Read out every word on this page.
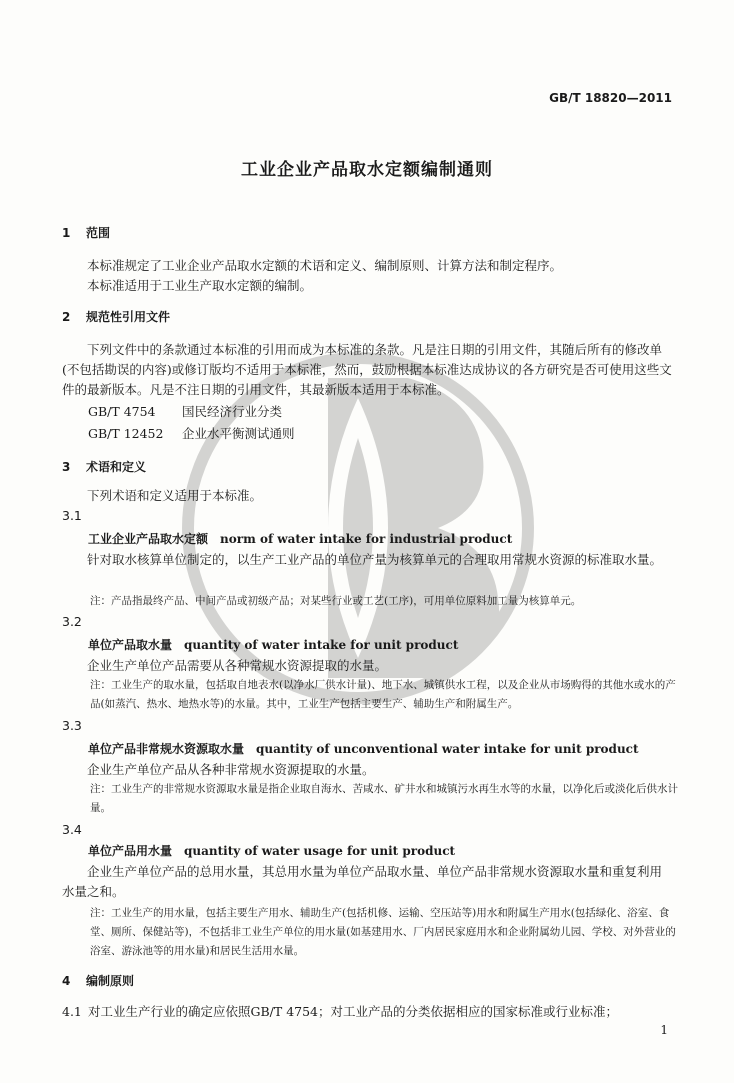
GB/T 18820—2011
工业企业产品取水定额编制通则
1 范围
本标准规定了工业企业产品取水定额的术语和定义、编制原则、计算方法和制定程序。
本标准适用于工业生产取水定额的编制。
2 规范性引用文件
下列文件中的条款通过本标准的引用而成为本标准的条款。凡是注日期的引用文件，其随后所有的修改单(不包括勘误的内容)或修订版均不适用于本标准，然而，鼓励根据本标准达成协议的各方研究是否可使用这些文件的最新版本。凡是不注日期的引用文件，其最新版本适用于本标准。
GB/T 4754 国民经济行业分类
GB/T 12452 企业水平衡测试通则
3 术语和定义
下列术语和定义适用于本标准。
3.1
工业企业产品取水定额 norm of water intake for industrial product
针对取水核算单位制定的，以生产工业产品的单位产量为核算单元的合理取用常规水资源的标准取水量。
注：产品指最终产品、中间产品或初级产品；对某些行业或工艺(工序)，可用单位原料加工量为核算单元。
3.2
单位产品取水量 quantity of water intake for unit product
企业生产单位产品需要从各种常规水资源提取的水量。
注：工业生产的取水量，包括取自地表水(以净水厂供水计量)、地下水、城镇供水工程，以及企业从市场购得的其他水或水的产品(如蒸汽、热水、地热水等)的水量。其中，工业生产包括主要生产、辅助生产和附属生产。
3.3
单位产品非常规水资源取水量 quantity of unconventional water intake for unit product
企业生产单位产品从各种非常规水资源提取的水量。
注：工业生产的非常规水资源取水量是指企业取自海水、苦咸水、矿井水和城镇污水再生水等的水量，以净化后或淡化后供水计量。
3.4
单位产品用水量 quantity of water usage for unit product
企业生产单位产品的总用水量，其总用水量为单位产品取水量、单位产品非常规水资源取水量和重复利用水量之和。
注：工业生产的用水量，包括主要生产用水、辅助生产(包括机修、运输、空压站等)用水和附属生产用水(包括绿化、浴室、食堂、厕所、保健站等)，不包括非工业生产单位的用水量(如基建用水、厂内居民家庭用水和企业附属幼儿园、学校、对外营业的浴室、游泳池等的用水量)和居民生活用水量。
4 编制原则
4.1 对工业生产行业的确定应依照GB/T 4754；对工业产品的分类依据相应的国家标准或行业标准；
1
